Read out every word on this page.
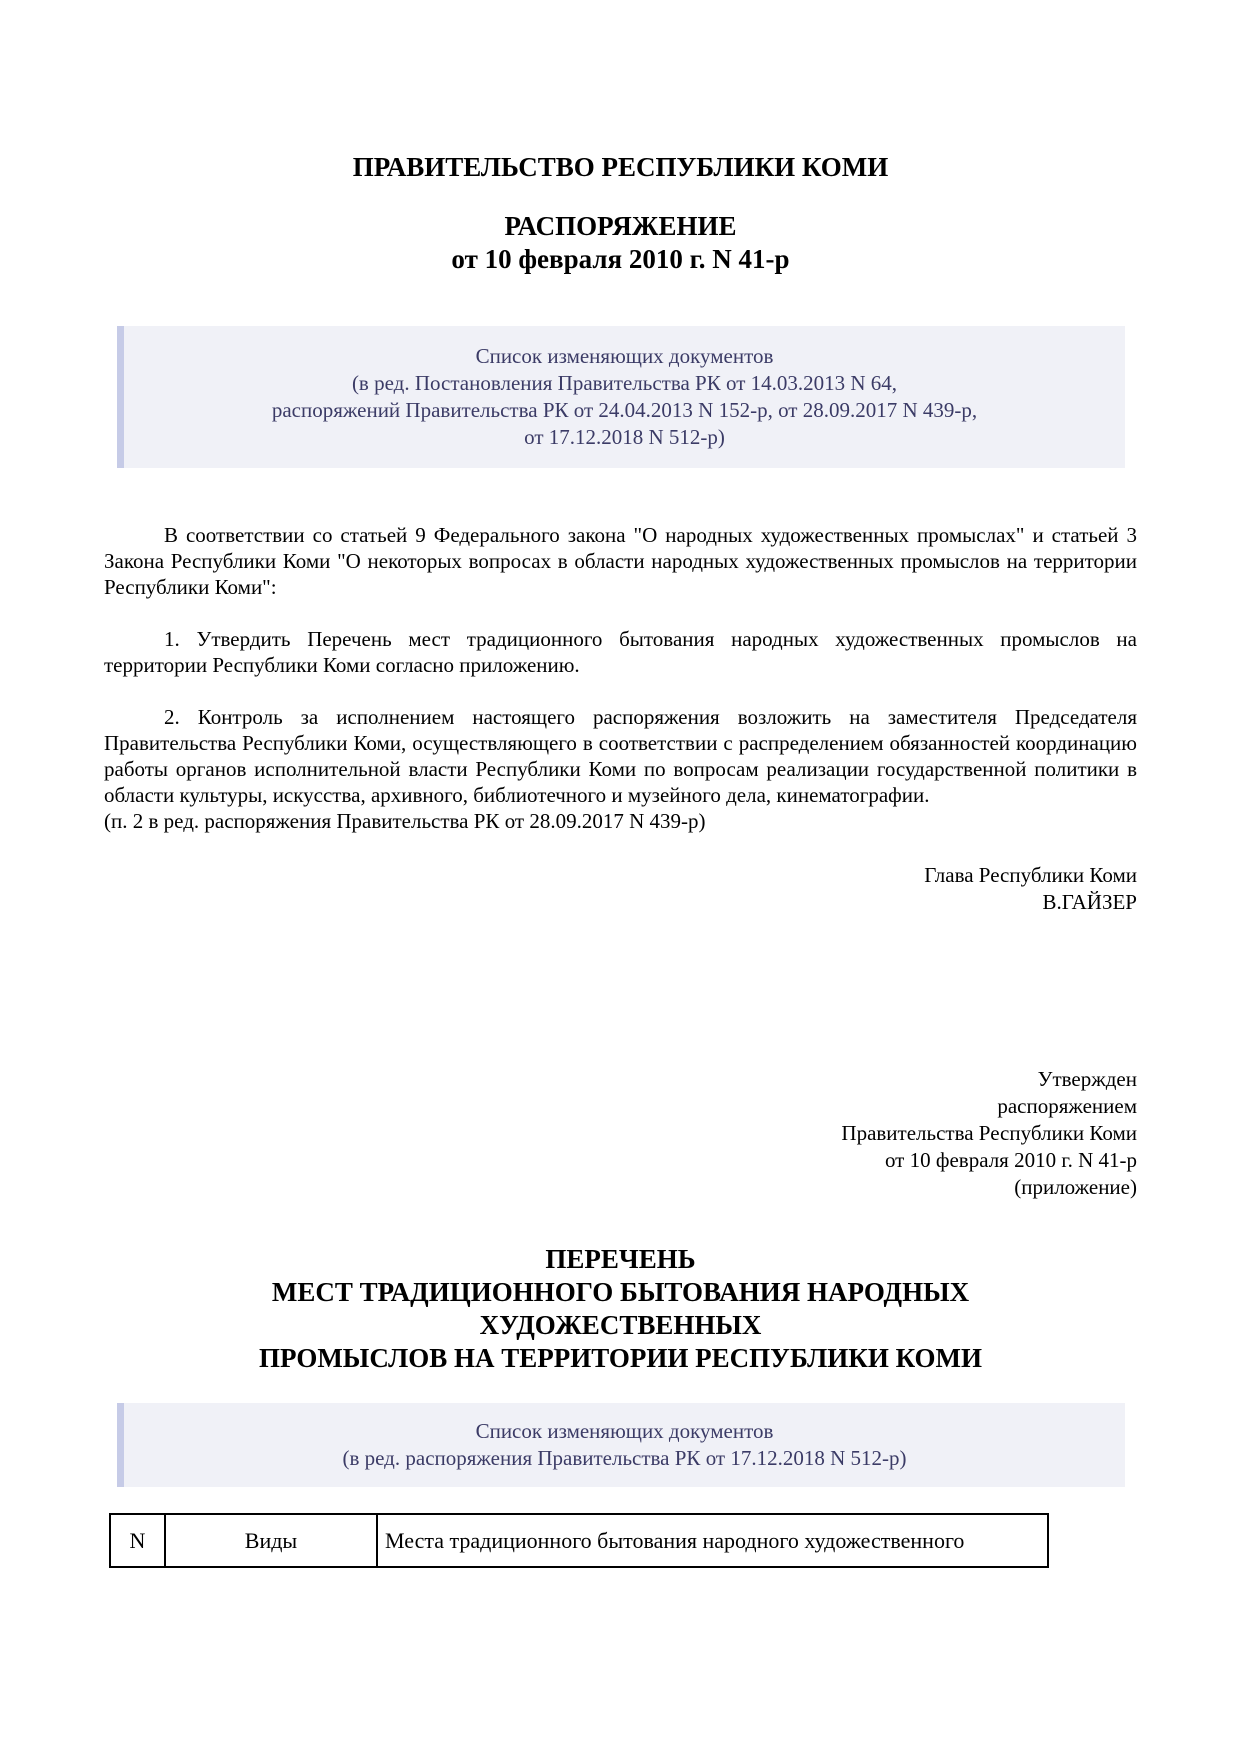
ПРАВИТЕЛЬСТВО РЕСПУБЛИКИ КОМИ
РАСПОРЯЖЕНИЕ
от 10 февраля 2010 г. N 41-р
Список изменяющих документов
(в ред. Постановления Правительства РК от 14.03.2013 N 64,
распоряжений Правительства РК от 24.04.2013 N 152-р, от 28.09.2017 N 439-р,
от 17.12.2018 N 512-р)

В соответствии со статьей 9 Федерального закона "О народных художественных промыслах" и статьей 3 Закона Республики Коми "О некоторых вопросах в области народных художественных промыслов на территории Республики Коми":

1. Утвердить Перечень мест традиционного бытования народных художественных промыслов на территории Республики Коми согласно приложению.

2. Контроль за исполнением настоящего распоряжения возложить на заместителя Председателя Правительства Республики Коми, осуществляющего в соответствии с распределением обязанностей координацию работы органов исполнительной власти Республики Коми по вопросам реализации государственной политики в области культуры, искусства, архивного, библиотечного и музейного дела, кинематографии.

(п. 2 в ред. распоряжения Правительства РК от 28.09.2017 N 439-р)

Глава Республики Коми
В.ГАЙЗЕР
Утвержден
распоряжением
Правительства Республики Коми
от 10 февраля 2010 г. N 41-р
(приложение)
ПЕРЕЧЕНЬ
МЕСТ ТРАДИЦИОННОГО БЫТОВАНИЯ НАРОДНЫХ
ХУДОЖЕСТВЕННЫХ
ПРОМЫСЛОВ НА ТЕРРИТОРИИ РЕСПУБЛИКИ КОМИ
Список изменяющих документов
(в ред. распоряжения Правительства РК от 17.12.2018 N 512-р)
N	Виды	Места традиционного бытования народного художественного
